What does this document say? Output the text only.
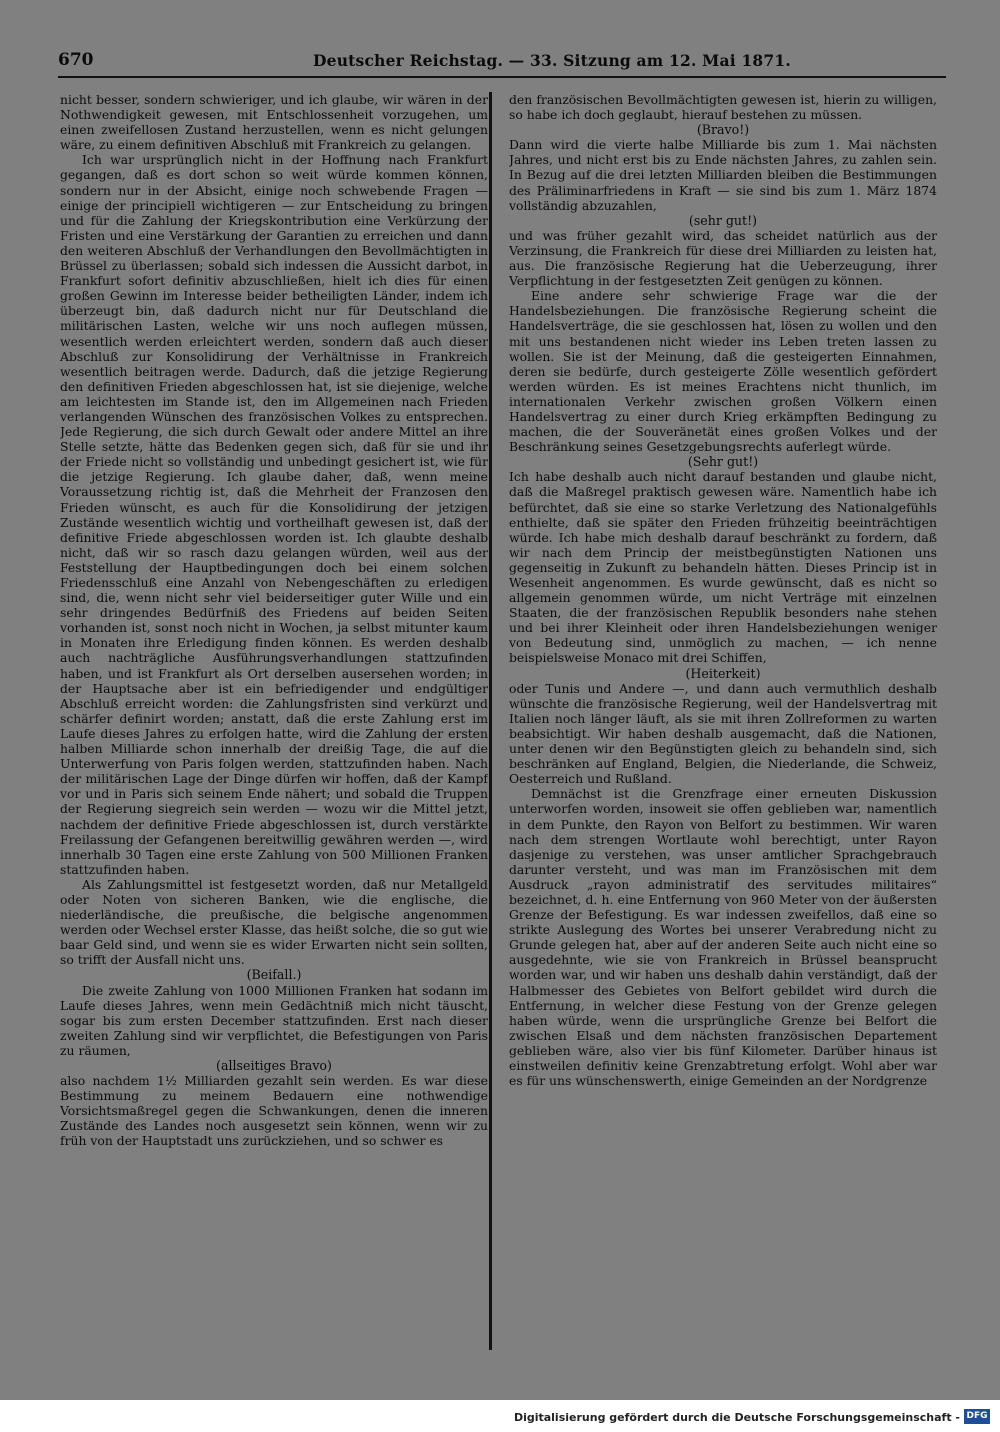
670	Deutscher Reichstag. — 33. Sitzung am 12. Mai 1871.

nicht besser, sondern schwieriger, und ich glaube, wir wären in der Nothwendigkeit gewesen, mit Entschlossenheit vorzugehen, um einen zweifellosen Zustand herzustellen, wenn es nicht gelungen wäre, zu einem definitiven Abschluß mit Frankreich zu gelangen.

Ich war ursprünglich nicht in der Hoffnung nach Frankfurt gegangen, daß es dort schon so weit würde kommen können, sondern nur in der Absicht, einige noch schwebende Fragen — einige der principiell wichtigeren — zur Entscheidung zu bringen und für die Zahlung der Kriegskontribution eine Verkürzung der Fristen und eine Verstärkung der Garantien zu erreichen und dann den weiteren Abschluß der Verhandlungen den Bevollmächtigten in Brüssel zu überlassen; sobald sich indessen die Aussicht darbot, in Frankfurt sofort definitiv abzuschließen, hielt ich dies für einen großen Gewinn im Interesse beider betheiligten Länder, indem ich überzeugt bin, daß dadurch nicht nur für Deutschland die militärischen Lasten, welche wir uns noch auflegen müssen, wesentlich werden erleichtert werden, sondern daß auch dieser Abschluß zur Konsolidirung der Verhältnisse in Frankreich wesentlich beitragen werde. Dadurch, daß die jetzige Regierung den definitiven Frieden abgeschlossen hat, ist sie diejenige, welche am leichtesten im Stande ist, den im Allgemeinen nach Frieden verlangenden Wünschen des französischen Volkes zu entsprechen. Jede Regierung, die sich durch Gewalt oder andere Mittel an ihre Stelle setzte, hätte das Bedenken gegen sich, daß für sie und ihr der Friede nicht so vollständig und unbedingt gesichert ist, wie für die jetzige Regierung. Ich glaube daher, daß, wenn meine Voraussetzung richtig ist, daß die Mehrheit der Franzosen den Frieden wünscht, es auch für die Konsolidirung der jetzigen Zustände wesentlich wichtig und vortheilhaft gewesen ist, daß der definitive Friede abgeschlossen worden ist. Ich glaubte deshalb nicht, daß wir so rasch dazu gelangen würden, weil aus der Feststellung der Hauptbedingungen doch bei einem solchen Friedensschluß eine Anzahl von Nebengeschäften zu erledigen sind, die, wenn nicht sehr viel beiderseitiger guter Wille und ein sehr dringendes Bedürfniß des Friedens auf beiden Seiten vorhanden ist, sonst noch nicht in Wochen, ja selbst mitunter kaum in Monaten ihre Erledigung finden können. Es werden deshalb auch nachträgliche Ausführungsverhandlungen stattzufinden haben, und ist Frankfurt als Ort derselben ausersehen worden; in der Hauptsache aber ist ein befriedigender und endgültiger Abschluß erreicht worden: die Zahlungsfristen sind verkürzt und schärfer definirt worden; anstatt, daß die erste Zahlung erst im Laufe dieses Jahres zu erfolgen hatte, wird die Zahlung der ersten halben Milliarde schon innerhalb der dreißig Tage, die auf die Unterwerfung von Paris folgen werden, stattzufinden haben. Nach der militärischen Lage der Dinge dürfen wir hoffen, daß der Kampf vor und in Paris sich seinem Ende nähert; und sobald die Truppen der Regierung siegreich sein werden — wozu wir die Mittel jetzt, nachdem der definitive Friede abgeschlossen ist, durch verstärkte Freilassung der Gefangenen bereitwillig gewähren werden —, wird innerhalb 30 Tagen eine erste Zahlung von 500 Millionen Franken stattzufinden haben.

Als Zahlungsmittel ist festgesetzt worden, daß nur Metallgeld oder Noten von sicheren Banken, wie die englische, die niederländische, die preußische, die belgische angenommen werden oder Wechsel erster Klasse, das heißt solche, die so gut wie baar Geld sind, und wenn sie es wider Erwarten nicht sein sollten, so trifft der Ausfall nicht uns.

(Beifall.)

Die zweite Zahlung von 1000 Millionen Franken hat sodann im Laufe dieses Jahres, wenn mein Gedächtniß mich nicht täuscht, sogar bis zum ersten December stattzufinden. Erst nach dieser zweiten Zahlung sind wir verpflichtet, die Befestigungen von Paris zu räumen,

(allseitiges Bravo)

also nachdem 1½ Milliarden gezahlt sein werden. Es war diese Bestimmung zu meinem Bedauern eine nothwendige Vorsichtsmaßregel gegen die Schwankungen, denen die inneren Zustände des Landes noch ausgesetzt sein können, wenn wir zu früh von der Hauptstadt uns zurückziehen, und so schwer es

den französischen Bevollmächtigten gewesen ist, hierin zu willigen, so habe ich doch geglaubt, hierauf bestehen zu müssen.

(Bravo!)

Dann wird die vierte halbe Milliarde bis zum 1. Mai nächsten Jahres, und nicht erst bis zu Ende nächsten Jahres, zu zahlen sein. In Bezug auf die drei letzten Milliarden bleiben die Bestimmungen des Präliminarfriedens in Kraft — sie sind bis zum 1. März 1874 vollständig abzuzahlen,

(sehr gut!)

und was früher gezahlt wird, das scheidet natürlich aus der Verzinsung, die Frankreich für diese drei Milliarden zu leisten hat, aus. Die französische Regierung hat die Ueberzeugung, ihrer Verpflichtung in der festgesetzten Zeit genügen zu können.

Eine andere sehr schwierige Frage war die der Handelsbeziehungen. Die französische Regierung scheint die Handelsverträge, die sie geschlossen hat, lösen zu wollen und den mit uns bestandenen nicht wieder ins Leben treten lassen zu wollen. Sie ist der Meinung, daß die gesteigerten Einnahmen, deren sie bedürfe, durch gesteigerte Zölle wesentlich gefördert werden würden. Es ist meines Erachtens nicht thunlich, im internationalen Verkehr zwischen großen Völkern einen Handelsvertrag zu einer durch Krieg erkämpften Bedingung zu machen, die der Souveränetät eines großen Volkes und der Beschränkung seines Gesetzgebungsrechts auferlegt würde.

(Sehr gut!)

Ich habe deshalb auch nicht darauf bestanden und glaube nicht, daß die Maßregel praktisch gewesen wäre. Namentlich habe ich befürchtet, daß sie eine so starke Verletzung des Nationalgefühls enthielte, daß sie später den Frieden frühzeitig beeinträchtigen würde. Ich habe mich deshalb darauf beschränkt zu fordern, daß wir nach dem Princip der meistbegünstigten Nationen uns gegenseitig in Zukunft zu behandeln hätten. Dieses Princip ist in Wesenheit angenommen. Es wurde gewünscht, daß es nicht so allgemein genommen würde, um nicht Verträge mit einzelnen Staaten, die der französischen Republik besonders nahe stehen und bei ihrer Kleinheit oder ihren Handelsbeziehungen weniger von Bedeutung sind, unmöglich zu machen, — ich nenne beispielsweise Monaco mit drei Schiffen,

(Heiterkeit)

oder Tunis und Andere —, und dann auch vermuthlich deshalb wünschte die französische Regierung, weil der Handelsvertrag mit Italien noch länger läuft, als sie mit ihren Zollreformen zu warten beabsichtigt. Wir haben deshalb ausgemacht, daß die Nationen, unter denen wir den Begünstigten gleich zu behandeln sind, sich beschränken auf England, Belgien, die Niederlande, die Schweiz, Oesterreich und Rußland.

Demnächst ist die Grenzfrage einer erneuten Diskussion unterworfen worden, insoweit sie offen geblieben war, namentlich in dem Punkte, den Rayon von Belfort zu bestimmen. Wir waren nach dem strengen Wortlaute wohl berechtigt, unter Rayon dasjenige zu verstehen, was unser amtlicher Sprachgebrauch darunter versteht, und was man im Französischen mit dem Ausdruck „rayon administratif des servitudes militaires“ bezeichnet, d. h. eine Entfernung von 960 Meter von der äußersten Grenze der Befestigung. Es war indessen zweifellos, daß eine so strikte Auslegung des Wortes bei unserer Verabredung nicht zu Grunde gelegen hat, aber auf der anderen Seite auch nicht eine so ausgedehnte, wie sie von Frankreich in Brüssel beansprucht worden war, und wir haben uns deshalb dahin verständigt, daß der Halbmesser des Gebietes von Belfort gebildet wird durch die Entfernung, in welcher diese Festung von der Grenze gelegen haben würde, wenn die ursprüngliche Grenze bei Belfort die zwischen Elsaß und dem nächsten französischen Departement geblieben wäre, also vier bis fünf Kilometer. Darüber hinaus ist einstweilen definitiv keine Grenzabtretung erfolgt. Wohl aber war es für uns wünschenswerth, einige Gemeinden an der Nordgrenze

Digitalisierung gefördert durch die Deutsche Forschungsgemeinschaft - DFG
